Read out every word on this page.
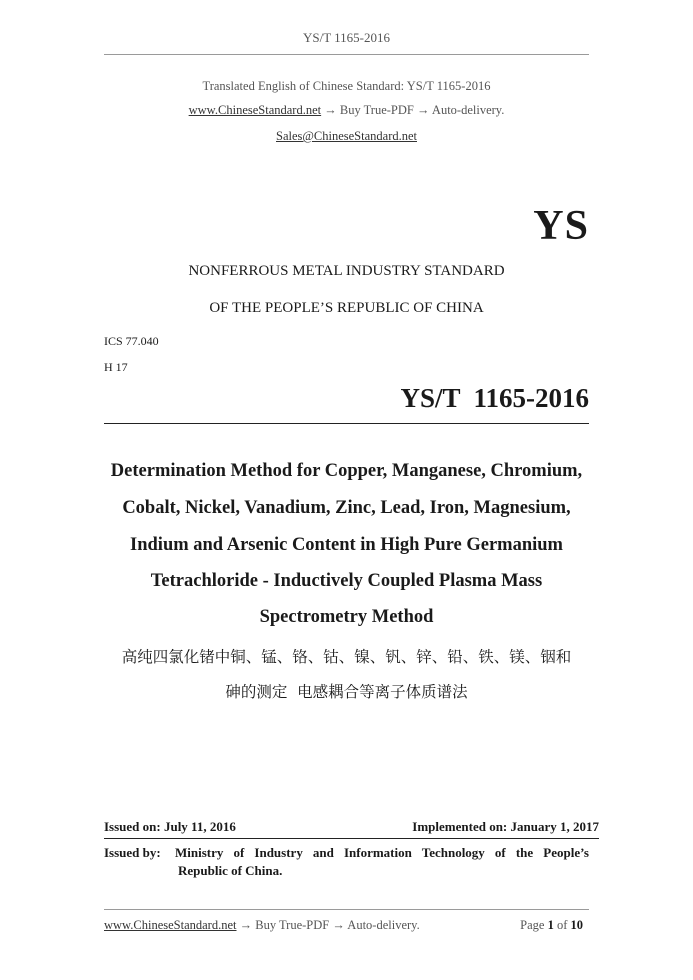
YS/T 1165-2016
Translated English of Chinese Standard: YS/T 1165-2016
www.ChineseStandard.net → Buy True-PDF → Auto-delivery.
Sales@ChineseStandard.net
YS
NONFERROUS METAL INDUSTRY STANDARD
OF THE PEOPLE’S REPUBLIC OF CHINA
ICS 77.040
H 17
YS/T  1165-2016
Determination Method for Copper, Manganese, Chromium,
Cobalt, Nickel, Vanadium, Zinc, Lead, Iron, Magnesium,
Indium and Arsenic Content in High Pure Germanium
Tetrachloride - Inductively Coupled Plasma Mass
Spectrometry Method
高纯四氯化锗中铜、锰、铬、钴、镍、钒、锌、铅、铁、镁、铟和
砷的测定  电感耦合等离子体质谱法
Issued on: July 11, 2016	Implemented on: January 1, 2017
Issued by: Ministry of Industry and Information Technology of the People’s
Republic of China.
www.ChineseStandard.net → Buy True-PDF → Auto-delivery.	Page 1 of 10
